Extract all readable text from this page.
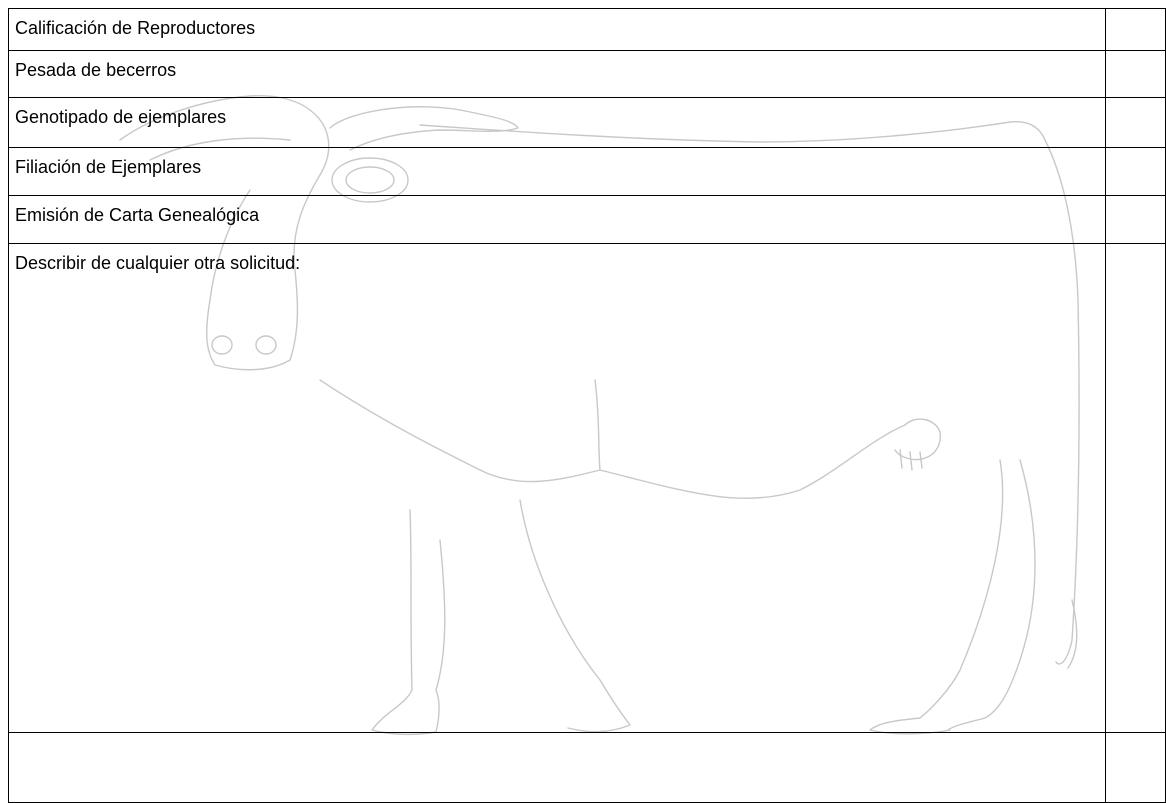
Calificación de Reproductores	

Pesada de becerros	

Genotipado de ejemplares	

Filiación de Ejemplares	

Emisión de Carta Genealógica	

Describir de cualquier otra solicitud:	
